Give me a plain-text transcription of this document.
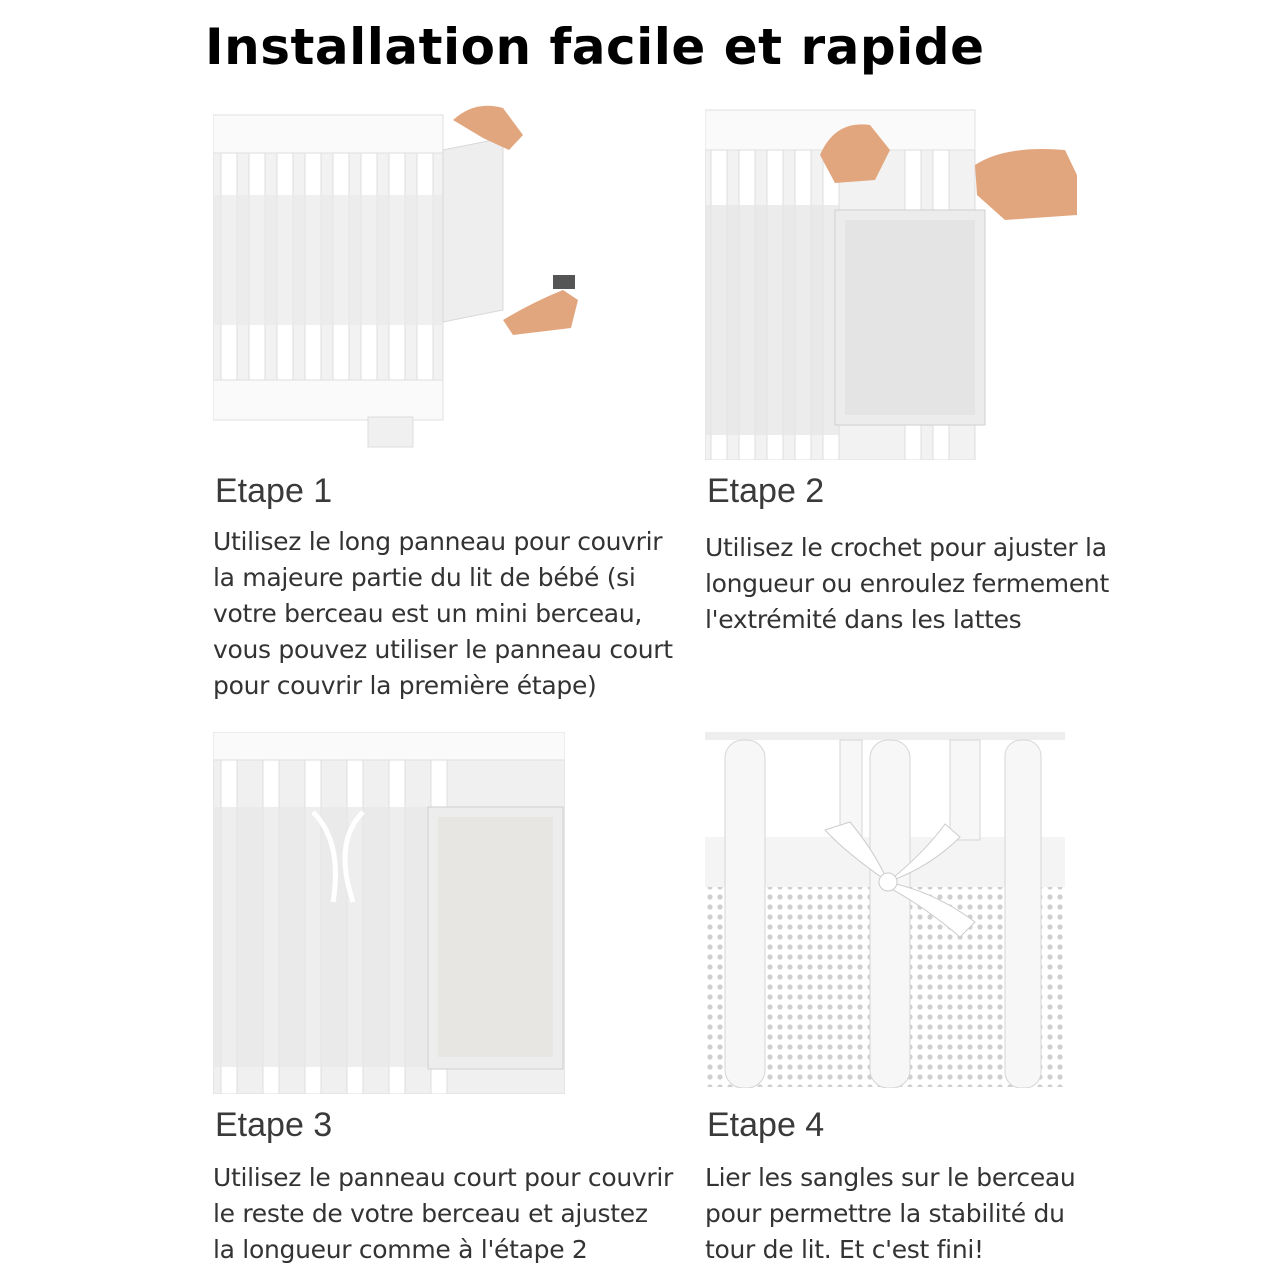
Installation facile et rapide
Etape 1

Utilisez le long panneau pour couvrir
la majeure partie du lit de bébé (si
votre berceau est un mini berceau,
vous pouvez utiliser le panneau court
pour couvrir la première étape)

Etape 2

Utilisez le crochet pour ajuster la
longueur ou enroulez fermement
l'extrémité dans les lattes

Etape 3

Utilisez le panneau court pour couvrir
le reste de votre berceau et ajustez
la longueur comme à l'étape 2

Etape 4

Lier les sangles sur le berceau
pour permettre la stabilité du
tour de lit. Et c'est fini!
